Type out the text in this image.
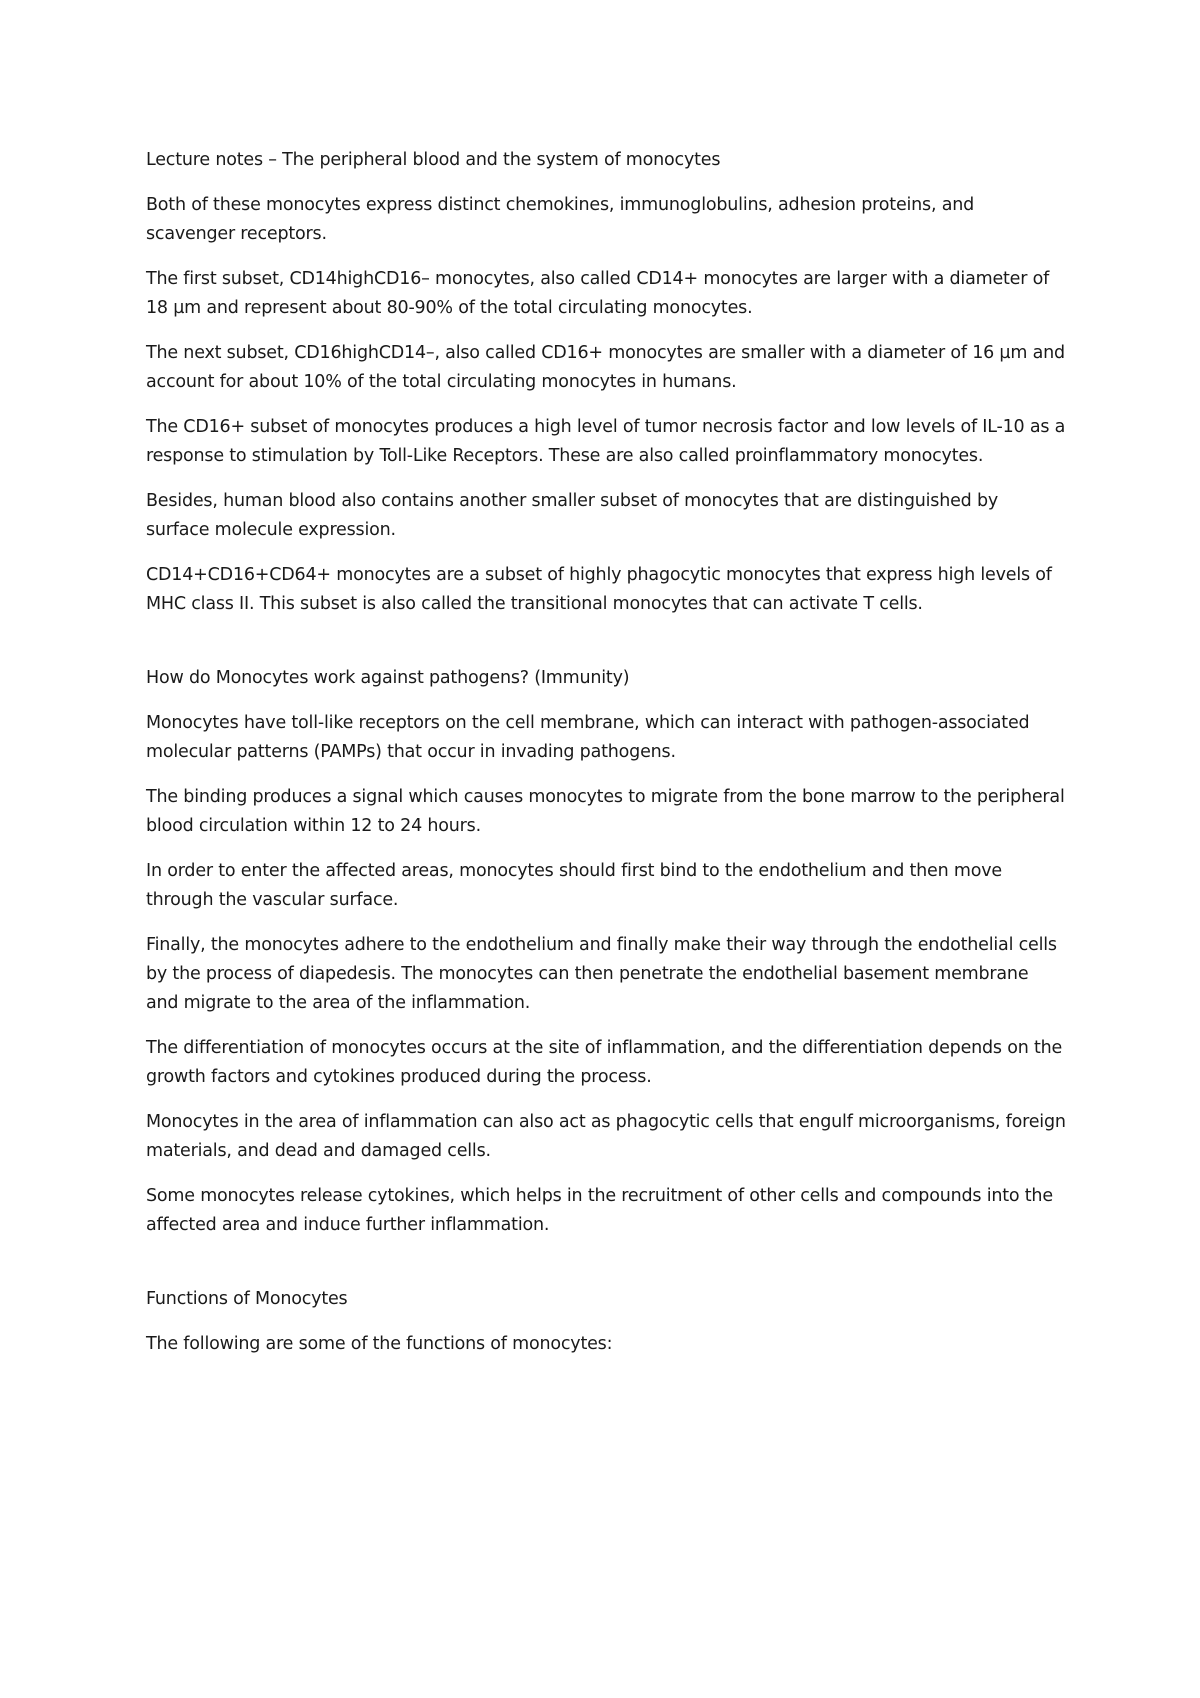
Lecture notes – The peripheral blood and the system of monocytes

Both of these monocytes express distinct chemokines, immunoglobulins, adhesion proteins, and scavenger receptors.

The first subset, CD14highCD16– monocytes, also called CD14+ monocytes are larger with a diameter of 18 µm and represent about 80-90% of the total circulating monocytes.

The next subset, CD16highCD14–, also called CD16+ monocytes are smaller with a diameter of 16 µm and account for about 10% of the total circulating monocytes in humans.

The CD16+ subset of monocytes produces a high level of tumor necrosis factor and low levels of IL-10 as a response to stimulation by Toll-Like Receptors. These are also called proinflammatory monocytes.

Besides, human blood also contains another smaller subset of monocytes that are distinguished by surface molecule expression.

CD14+CD16+CD64+ monocytes are a subset of highly phagocytic monocytes that express high levels of MHC class II. This subset is also called the transitional monocytes that can activate T cells.

How do Monocytes work against pathogens? (Immunity)

Monocytes have toll-like receptors on the cell membrane, which can interact with pathogen-associated molecular patterns (PAMPs) that occur in invading pathogens.

The binding produces a signal which causes monocytes to migrate from the bone marrow to the peripheral blood circulation within 12 to 24 hours.

In order to enter the affected areas, monocytes should first bind to the endothelium and then move through the vascular surface.

Finally, the monocytes adhere to the endothelium and finally make their way through the endothelial cells by the process of diapedesis. The monocytes can then penetrate the endothelial basement membrane and migrate to the area of the inflammation.

The differentiation of monocytes occurs at the site of inflammation, and the differentiation depends on the growth factors and cytokines produced during the process.

Monocytes in the area of inflammation can also act as phagocytic cells that engulf microorganisms, foreign materials, and dead and damaged cells.

Some monocytes release cytokines, which helps in the recruitment of other cells and compounds into the affected area and induce further inflammation.

Functions of Monocytes

The following are some of the functions of monocytes:
